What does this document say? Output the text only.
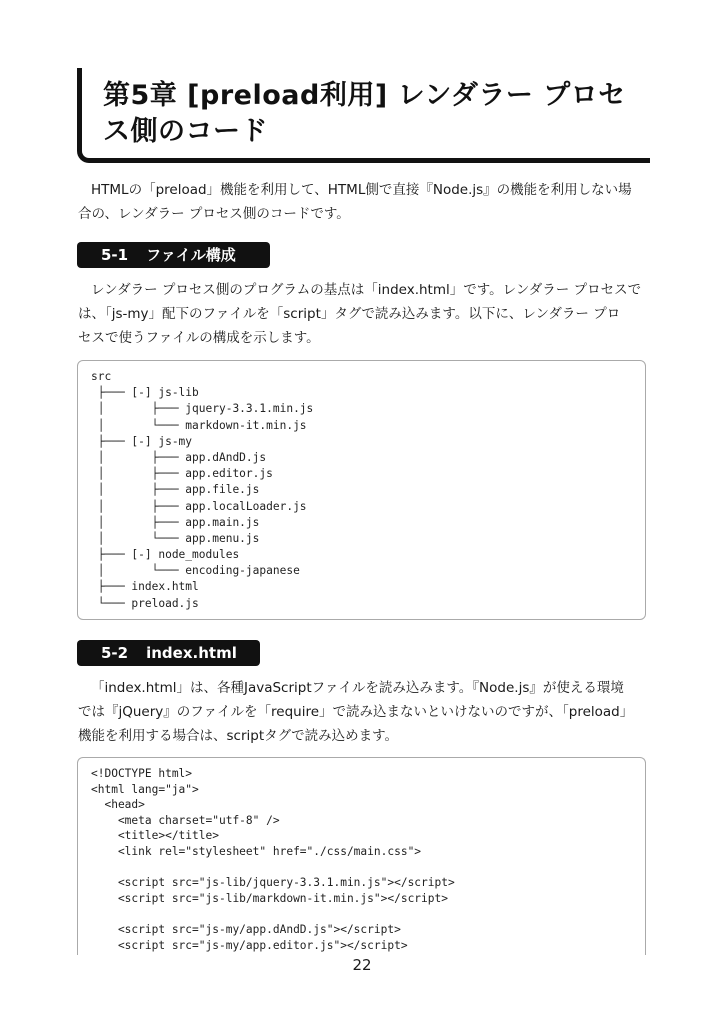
第5章 [preload利用] レンダラー プロセ
ス側のコード
HTMLの「preload」機能を利用して、HTML側で直接『Node.js』の機能を利用しない場
合の、レンダラー プロセス側のコードです。
5-1 ファイル構成
レンダラー プロセス側のプログラムの基点は「index.html」です。レンダラー プロセスで
は、「js-my」配下のファイルを「script」タグで読み込みます。以下に、レンダラー プロ
セスで使うファイルの構成を示します。
src
├─── [-] js-lib
│       ├─── jquery-3.3.1.min.js
│       └─── markdown-it.min.js
├─── [-] js-my
│       ├─── app.dAndD.js
│       ├─── app.editor.js
│       ├─── app.file.js
│       ├─── app.localLoader.js
│       ├─── app.main.js
│       └─── app.menu.js
├─── [-] node_modules
│       └─── encoding-japanese
├─── index.html
└─── preload.js
5-2 index.html
「index.html」は、各種JavaScriptファイルを読み込みます。『Node.js』が使える環境
では『jQuery』のファイルを「require」で読み込まないといけないのですが、「preload」
機能を利用する場合は、scriptタグで読み込めます。
<!DOCTYPE html>
<html lang="ja">
<head>
<meta charset="utf-8" />
<title></title>
<link rel="stylesheet" href="./css/main.css">
<script src="js-lib/jquery-3.3.1.min.js"></script>
<script src="js-lib/markdown-it.min.js"></script>
<script src="js-my/app.dAndD.js"></script>
<script src="js-my/app.editor.js"></script>
22
